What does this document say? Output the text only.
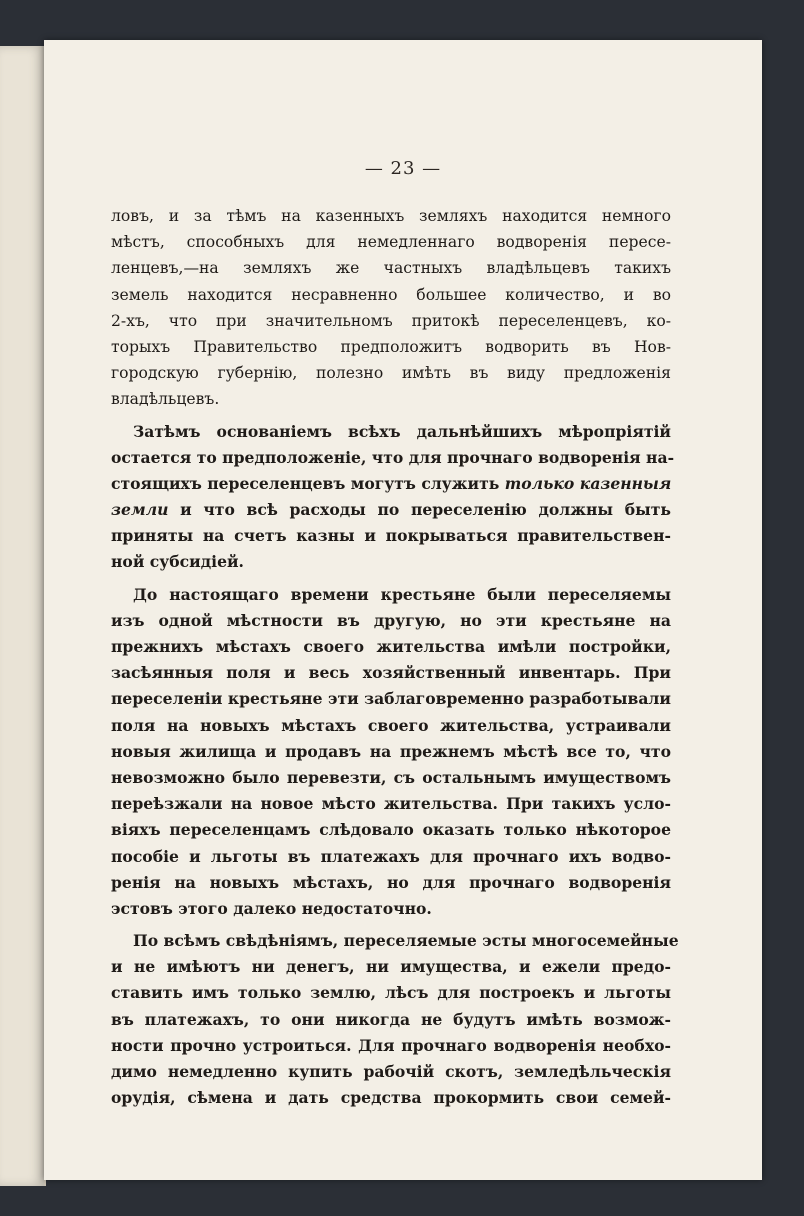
— 23 —
ловъ, и за тѣмъ на казенныхъ земляхъ находится немного
мѣстъ, способныхъ для немедленнаго водворенія пересе-
ленцевъ,—на земляхъ же частныхъ владѣльцевъ такихъ
земель находится несравненно большее количество, и во
2-хъ, что при значительномъ притокѣ переселенцевъ, ко-
торыхъ Правительство предположитъ водворить въ Нов-
городскую губернію, полезно имѣть въ виду предложенія
владѣльцевъ.
Затѣмъ основаніемъ всѣхъ дальнѣйшихъ мѣропріятій
остается то предположеніе, что для прочнаго водворенія на-
стоящихъ переселенцевъ могутъ служить только казенныя
земли и что всѣ расходы по переселенію должны быть
приняты на счетъ казны и покрываться правительствен-
ной субсидіей.
До настоящаго времени крестьяне были переселяемы
изъ одной мѣстности въ другую, но эти крестьяне на
прежнихъ мѣстахъ своего жительства имѣли постройки,
засѣянныя поля и весь хозяйственный инвентарь. При
переселеніи крестьяне эти заблаговременно разработывали
поля на новыхъ мѣстахъ своего жительства, устраивали
новыя жилища и продавъ на прежнемъ мѣстѣ все то, что
невозможно было перевезти, съ остальнымъ имуществомъ
переѣзжали на новое мѣсто жительства. При такихъ усло-
віяхъ переселенцамъ слѣдовало оказать только нѣкоторое
пособіе и льготы въ платежахъ для прочнаго ихъ водво-
ренія на новыхъ мѣстахъ, но для прочнаго водворенія
эстовъ этого далеко недостаточно.
По всѣмъ свѣдѣніямъ, переселяемые эсты многосемейные
и не имѣютъ ни денегъ, ни имущества, и ежели предо-
ставить имъ только землю, лѣсъ для построекъ и льготы
въ платежахъ, то они никогда не будутъ имѣть возмож-
ности прочно устроиться. Для прочнаго водворенія необхо-
димо немедленно купить рабочій скотъ, земледѣльческія
орудія, сѣмена и дать средства прокормить свои семей-
